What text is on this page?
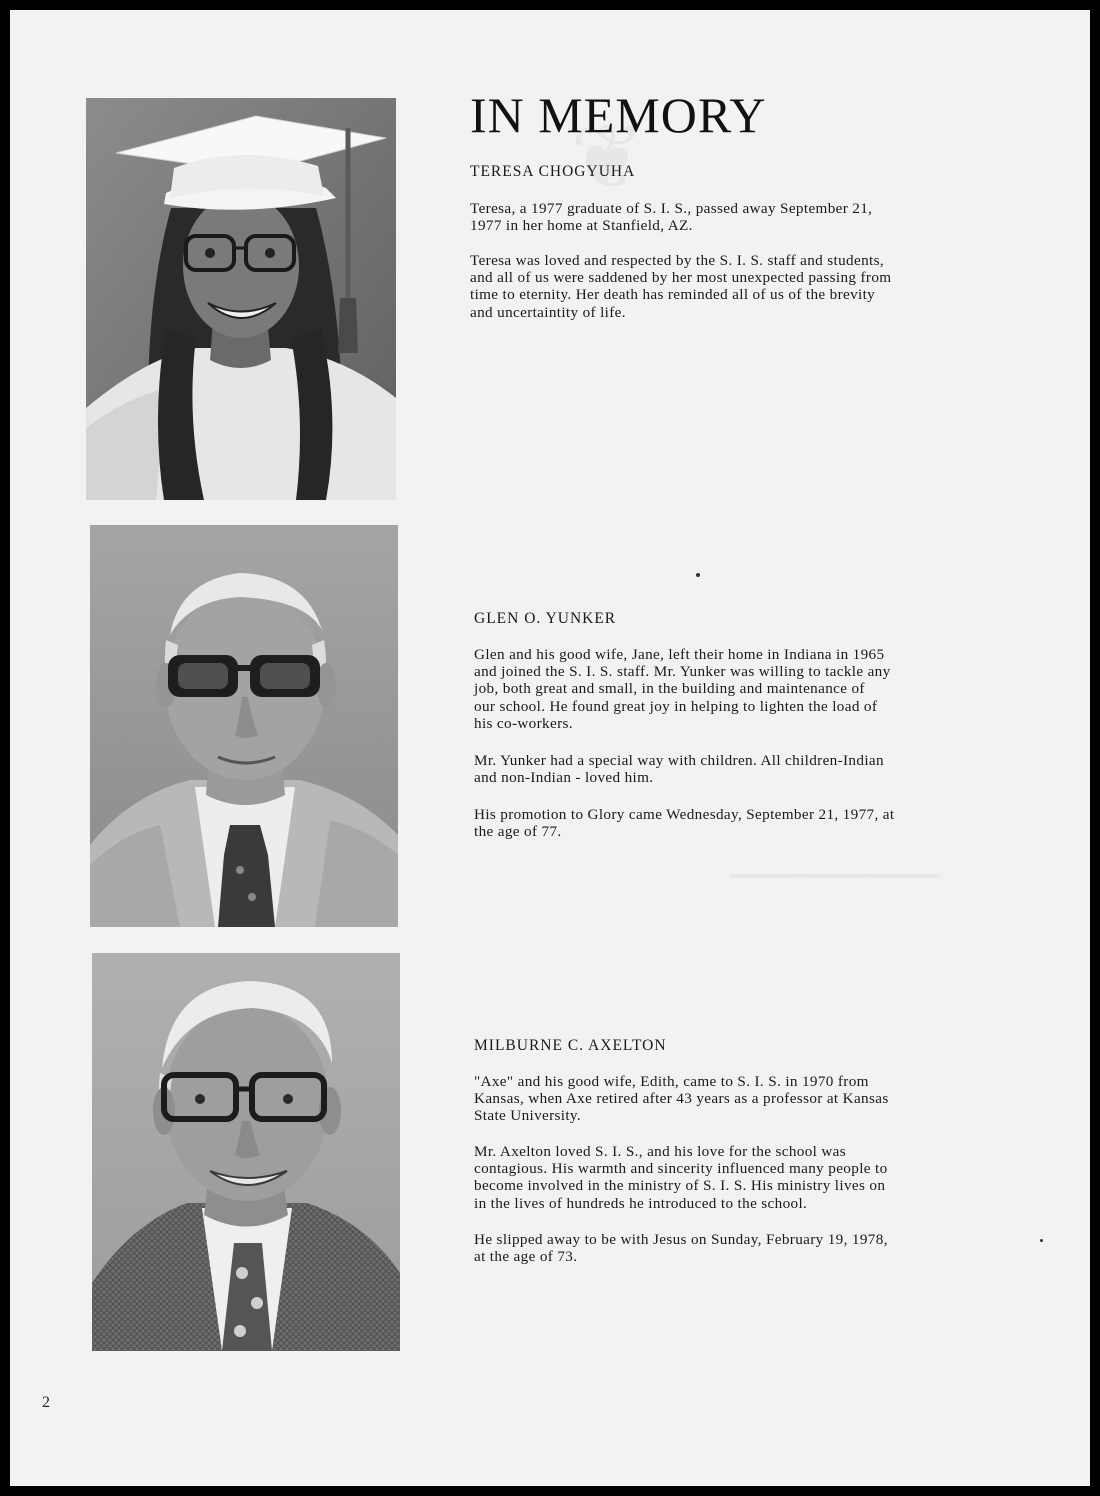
IN MEMORY
TERESA CHOGYUHA

Teresa, a 1977 graduate of S. I. S., passed away September 21,
1977 in her home at Stanfield, AZ.

Teresa was loved and respected by the S. I. S. staff and students,
and all of us were saddened by her most unexpected passing from
time to eternity. Her death has reminded all of us of the brevity
and uncertaintity of life.

GLEN O. YUNKER

Glen and his good wife, Jane, left their home in Indiana in 1965
and joined the S. I. S. staff. Mr. Yunker was willing to tackle any
job, both great and small, in the building and maintenance of
our school. He found great joy in helping to lighten the load of
his co-workers.

Mr. Yunker had a special way with children. All children-Indian
and non-Indian - loved him.

His promotion to Glory came Wednesday, September 21, 1977, at
the age of 77.

MILBURNE C. AXELTON

"Axe" and his good wife, Edith, came to S. I. S. in 1970 from
Kansas, when Axe retired after 43 years as a professor at Kansas
State University.

Mr. Axelton loved S. I. S., and his love for the school was
contagious. His warmth and sincerity influenced many people to
become involved in the ministry of S. I. S. His ministry lives on
in the lives of hundreds he introduced to the school.

He slipped away to be with Jesus on Sunday, February 19, 1978,
at the age of 73.

2
